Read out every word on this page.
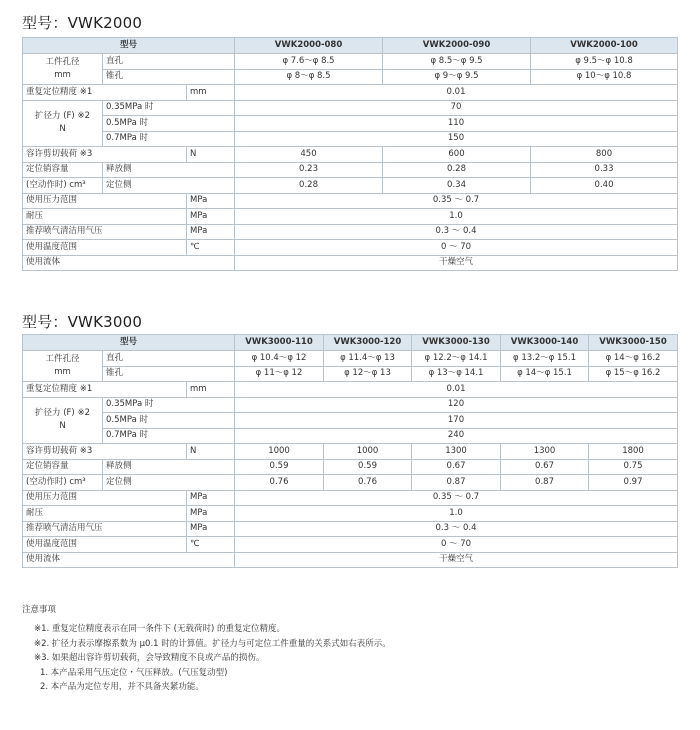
型号：VWK2000
型号			VWK2000-080	VWK2000-090	VWK2000-100
工件孔径
mm	直孔		φ 7.6～φ 8.5	φ 8.5～φ 9.5	φ 9.5～φ 10.8
	锥孔		φ 8～φ 8.5	φ 9～φ 9.5	φ 10～φ 10.8
重复定位精度 ※1		mm	0.01		
扩径力 (F) ※2
N	0.35MPa 时		70		
	0.5MPa 时		110		
	0.7MPa 时		150		
容许剪切载荷 ※3		N	450	600	800
定位销容量	释放侧		0.23	0.28	0.33
(空动作时) cm³	定位侧		0.28	0.34	0.40
使用压力范围		MPa	0.35 ～ 0.7		
耐压		MPa	1.0		
推荐喷气清洁用气压		MPa	0.3 ～ 0.4		
使用温度范围		℃	0 ～ 70		
使用流体			干燥空气		
型号：VWK3000
型号			VWK3000-110	VWK3000-120	VWK3000-130	VWK3000-140	VWK3000-150
工件孔径
mm	直孔		φ 10.4～φ 12	φ 11.4～φ 13	φ 12.2～φ 14.1	φ 13.2～φ 15.1	φ 14～φ 16.2
	锥孔		φ 11～φ 12	φ 12～φ 13	φ 13～φ 14.1	φ 14～φ 15.1	φ 15～φ 16.2
重复定位精度 ※1		mm	0.01				
扩径力 (F) ※2
N	0.35MPa 时		120				
	0.5MPa 时		170				
	0.7MPa 时		240				
容许剪切载荷 ※3		N	1000	1000	1300	1300	1800
定位销容量	释放侧		0.59	0.59	0.67	0.67	0.75
(空动作时) cm³	定位侧		0.76	0.76	0.87	0.87	0.97
使用压力范围		MPa	0.35 ～ 0.7				
耐压		MPa	1.0				
推荐喷气清洁用气压		MPa	0.3 ～ 0.4				
使用温度范围		℃	0 ～ 70				
使用流体			干燥空气				
注意事项
※1. 重复定位精度表示在同一条件下 (无载荷时) 的重复定位精度。
※2. 扩径力表示摩擦系数为 μ0.1 时的计算值。扩径力与可定位工件重量的关系式如右表所示。
※3. 如果超出容许剪切载荷，会导致精度不良或产品的损伤。
1. 本产品采用气压定位・气压释放。(气压复动型)
2. 本产品为定位专用，并不具备夹紧功能。
